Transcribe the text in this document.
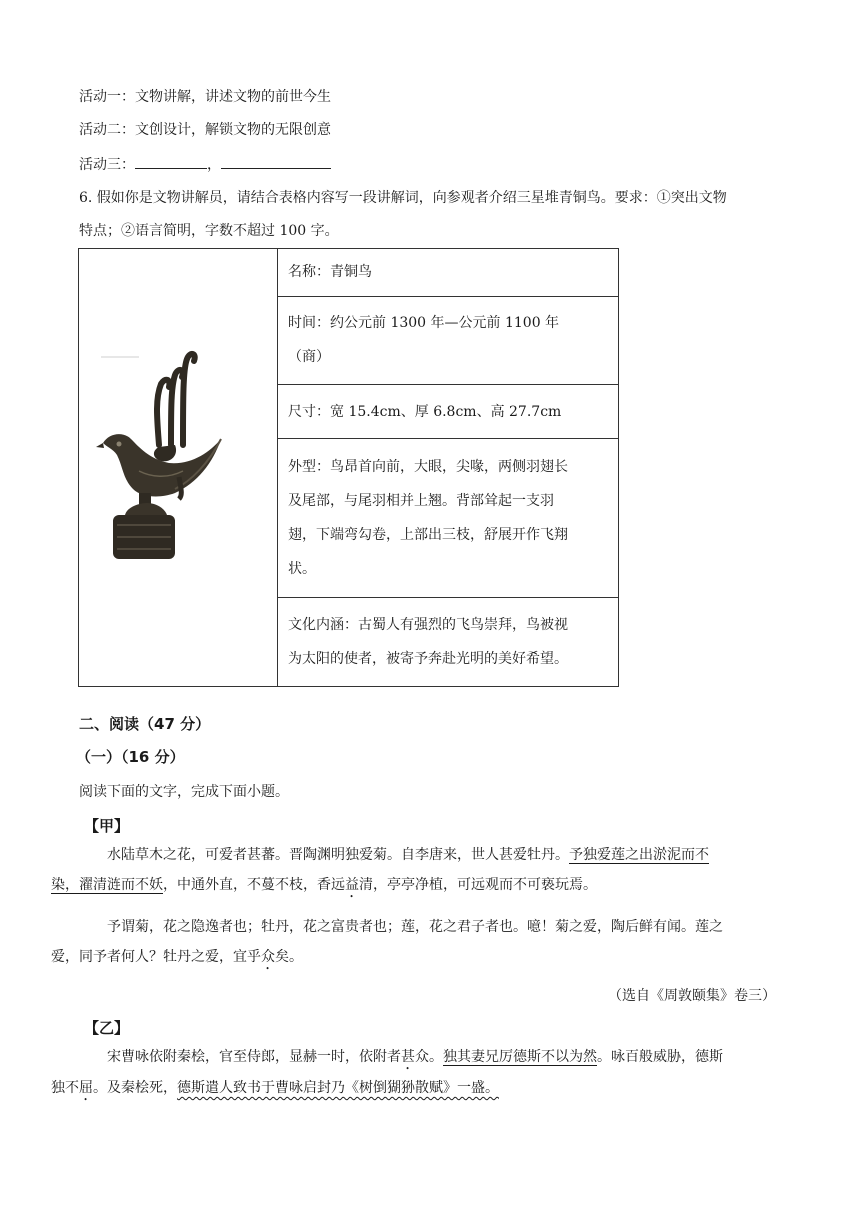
活动一：文物讲解，讲述文物的前世今生
活动二：文创设计，解锁文物的无限创意
活动三：	，
6. 假如你是文物讲解员，请结合表格内容写一段讲解词，向参观者介绍三星堆青铜鸟。要求：①突出文物
特点；②语言简明，字数不超过 100 字。
	名称：青铜鸟

时间：约公元前 1300 年—公元前 1100 年
（商）

尺寸：宽 15.4cm、厚 6.8cm、高 27.7cm

外型：鸟昂首向前，大眼，尖喙，两侧羽翅长
及尾部，与尾羽相并上翘。背部耸起一支羽
翅，下端弯勾卷，上部出三枝，舒展开作飞翔
状。

文化内涵：古蜀人有强烈的飞鸟崇拜，鸟被视
为太阳的使者，被寄予奔赴光明的美好希望。
二、阅读（47 分）
（一）（16 分）
阅读下面的文字，完成下面小题。
【甲】
水陆草木之花，可爱者甚蕃。晋陶渊明独爱菊。自李唐来，世人甚爱牡丹。予独爱莲之出淤泥而不
染，濯清涟而不妖，中通外直，不蔓不枝，香远益清，亭亭净植，可远观而不可亵玩焉。
予谓菊，花之隐逸者也；牡丹，花之富贵者也；莲，花之君子者也。噫！菊之爱，陶后鲜有闻。莲之
爱，同予者何人？牡丹之爱，宜乎众矣。
（选自《周敦颐集》卷三）
【乙】
宋曹咏依附秦桧，官至侍郎，显赫一时，依附者甚众。独其妻兄厉德斯不以为然。咏百般威胁，德斯
独不屈。及秦桧死，德斯遣人致书于曹咏启封乃《树倒猢狲散赋》一盛。
